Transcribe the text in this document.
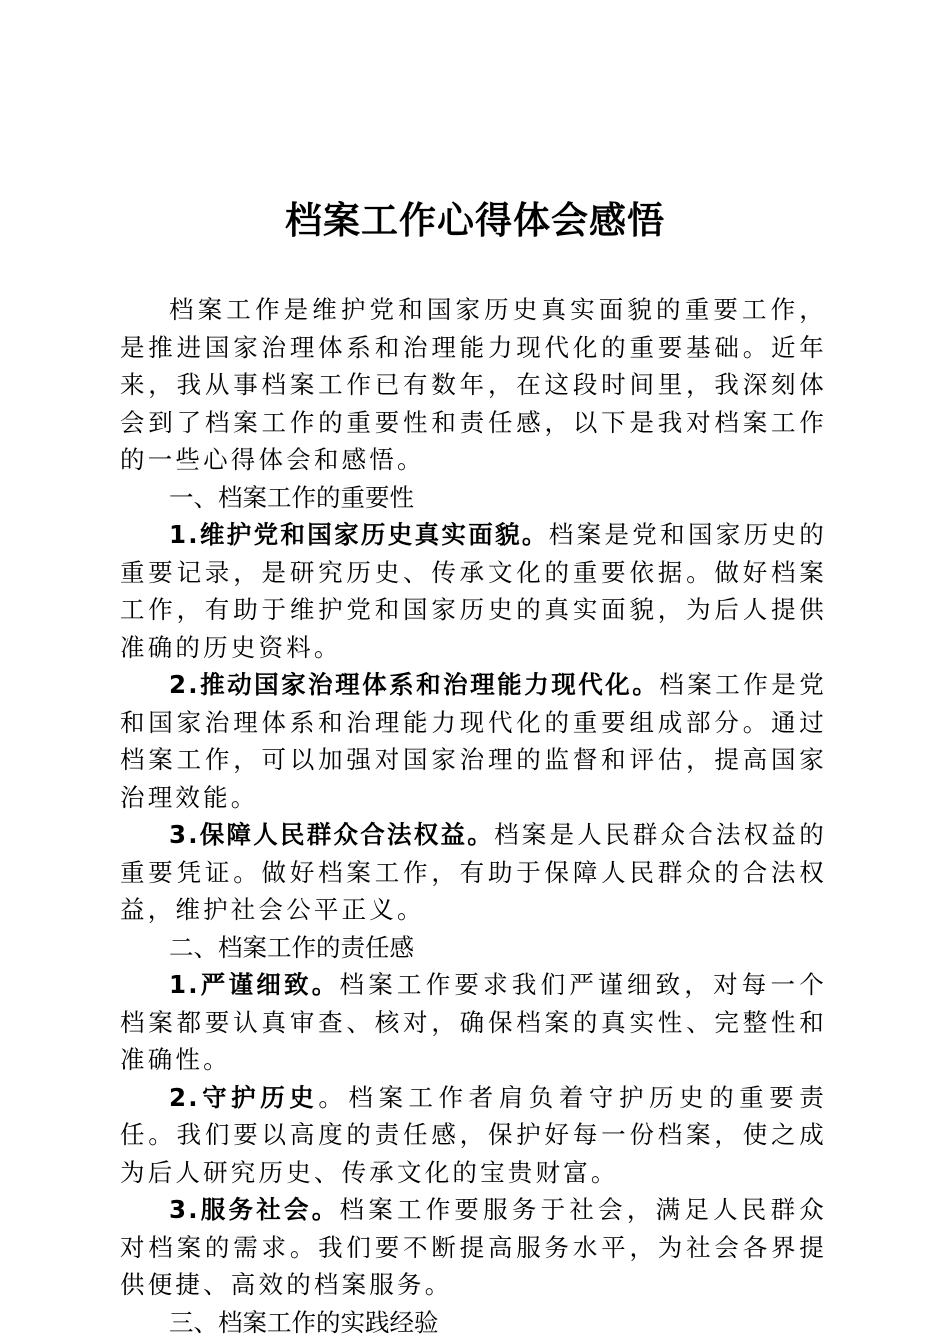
档案工作心得体会感悟

档案工作是维护党和国家历史真实面貌的重要工作，是推进国家治理体系和治理能力现代化的重要基础。近年来，我从事档案工作已有数年，在这段时间里，我深刻体会到了档案工作的重要性和责任感，以下是我对档案工作的一些心得体会和感悟。

一、档案工作的重要性

1.维护党和国家历史真实面貌。档案是党和国家历史的重要记录，是研究历史、传承文化的重要依据。做好档案工作，有助于维护党和国家历史的真实面貌，为后人提供准确的历史资料。

2.推动国家治理体系和治理能力现代化。档案工作是党和国家治理体系和治理能力现代化的重要组成部分。通过档案工作，可以加强对国家治理的监督和评估，提高国家治理效能。

3.保障人民群众合法权益。档案是人民群众合法权益的重要凭证。做好档案工作，有助于保障人民群众的合法权益，维护社会公平正义。

二、档案工作的责任感

1.严谨细致。档案工作要求我们严谨细致，对每一个档案都要认真审查、核对，确保档案的真实性、完整性和准确性。

2.守护历史。档案工作者肩负着守护历史的重要责任。我们要以高度的责任感，保护好每一份档案，使之成为后人研究历史、传承文化的宝贵财富。

3.服务社会。档案工作要服务于社会，满足人民群众对档案的需求。我们要不断提高服务水平，为社会各界提供便捷、高效的档案服务。

三、档案工作的实践经验
